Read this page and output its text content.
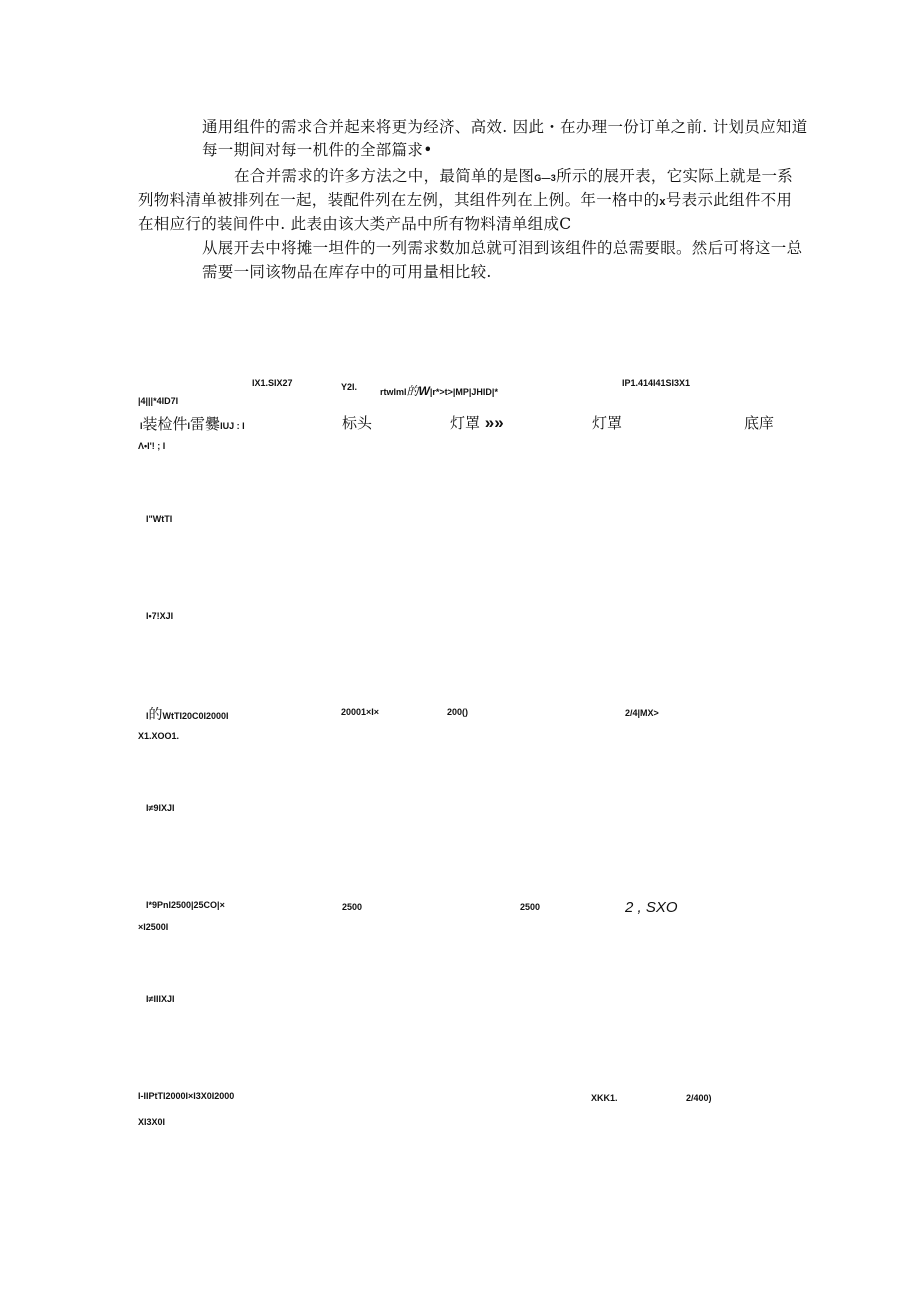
通用组件的需求合并起来将更为经济、高效. 因此・在办理一份订单之前. 计划员应知道
每一期间对每一机件的全部篇求•
在合并需求的许多方法之中，最简单的是图G—3所示的展开表，它实际上就是一系
列物料清单被排列在一起，装配件列在左例，其组件列在上例。年一格中的x号表示此组件不用
在相应行的装间件中. 此表由该大类产品中所有物料清单组成C
从展开去中将摊一坦件的一列需求数加总就可泪到该组件的总需要眼。然后可将这一总
需要一同该物品在库存中的可用量相比较.
IX1.SIX27	Y2I.	rtwlml的W|r*>t>|MP|JHID|*
IP1.414I41SI3X1
|4|||*4ID7I
I装检件I雷爨IUJ : I	标头	灯罩 »»	灯罩	底庠
Λ•I'! ; I
I"WtTI
I•7!XJI
I的WtTI20C0I2000I	20001×I×	200()	2/4|MX>
X1.XOO1.
I≠9IXJI
I*9PnI2500|25CO|×	2500	2500	2 , SXO
×I2500I
I≠IIIXJI
I-IIPtTI2000I×I3X0I2000	XKK1.	2/400)
XI3X0I
